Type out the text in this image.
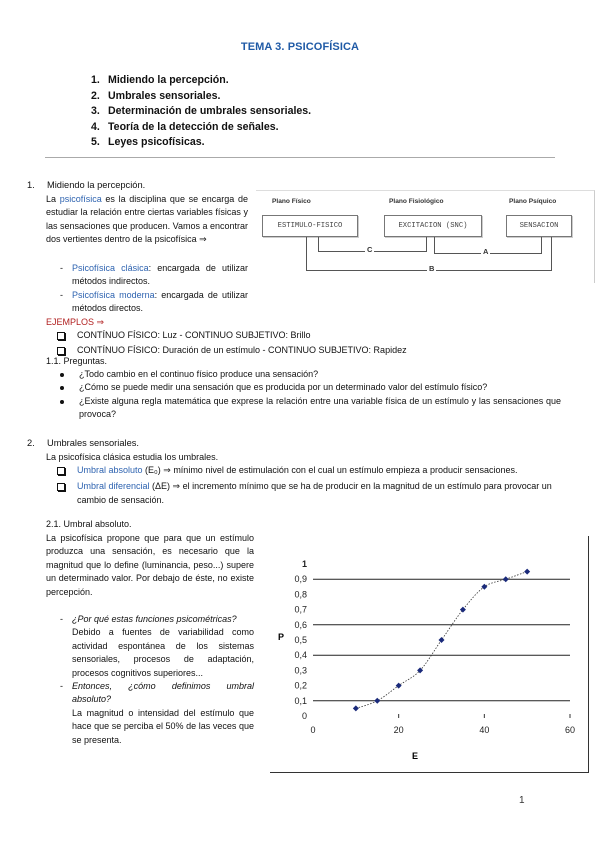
TEMA 3. PSICOFÍSICA
1. Midiendo la percepción.
2. Umbrales sensoriales.
3. Determinación de umbrales sensoriales.
4. Teoría de la detección de señales.
5. Leyes psicofísicas.
1. Midiendo la percepción.
La psicofísica es la disciplina que se encarga de estudiar la relación entre ciertas variables físicas y las sensaciones que producen. Vamos a encontrar dos vertientes dentro de la psicofísica ⇒
-	Psicofísica clásica: encargada de utilizar métodos indirectos.
-	Psicofísica moderna: encargada de utilizar métodos directos.
EJEMPLOS ⇒
CONTÍNUO FÍSICO: Luz - CONTINUO SUBJETIVO: Brillo
CONTÍNUO FÍSICO: Duración de un estímulo - CONTINUO SUBJETIVO: Rapidez
1.1. Preguntas.
¿Todo cambio en el continuo físico produce una sensación?
¿Cómo se puede medir una sensación que es producida por un determinado valor del estímulo físico?
¿Existe alguna regla matemática que exprese la relación entre una variable física de un estímulo y las sensaciones que provoca?
Plano Físico	Plano Fisiológico	Plano Psíquico
ESTIMULO-FISICO	EXCITACION (SNC)	SENSACION
C	A
B
2. Umbrales sensoriales.
La psicofísica clásica estudia los umbrales.
Umbral absoluto (E₀) ⇒ mínimo nivel de estimulación con el cual un estímulo empieza a producir sensaciones.
Umbral diferencial (ΔE) ⇒ el incremento mínimo que se ha de producir en la magnitud de un estímulo para provocar un cambio de sensación.
2.1. Umbral absoluto.
La psicofísica propone que para que un estímulo produzca una sensación, es necesario que la magnitud que lo define (luminancia, peso...) supere un determinado valor. Por debajo de éste, no existe percepción.
-	¿Por qué estas funciones psicométricas?
Debido a fuentes de variabilidad como actividad espontánea de los sistemas sensoriales, procesos de adaptación, procesos cognitivos superiores...
-	Entonces, ¿cómo definimos umbral absoluto?
La magnitud o intensidad del estímulo que hace que se perciba el 50% de las veces que se presenta.
0
0,1
0,2
0,3
0,4
0,5
0,6
0,7
0,8
0,9
1
0	20	40	60
P
E
1
